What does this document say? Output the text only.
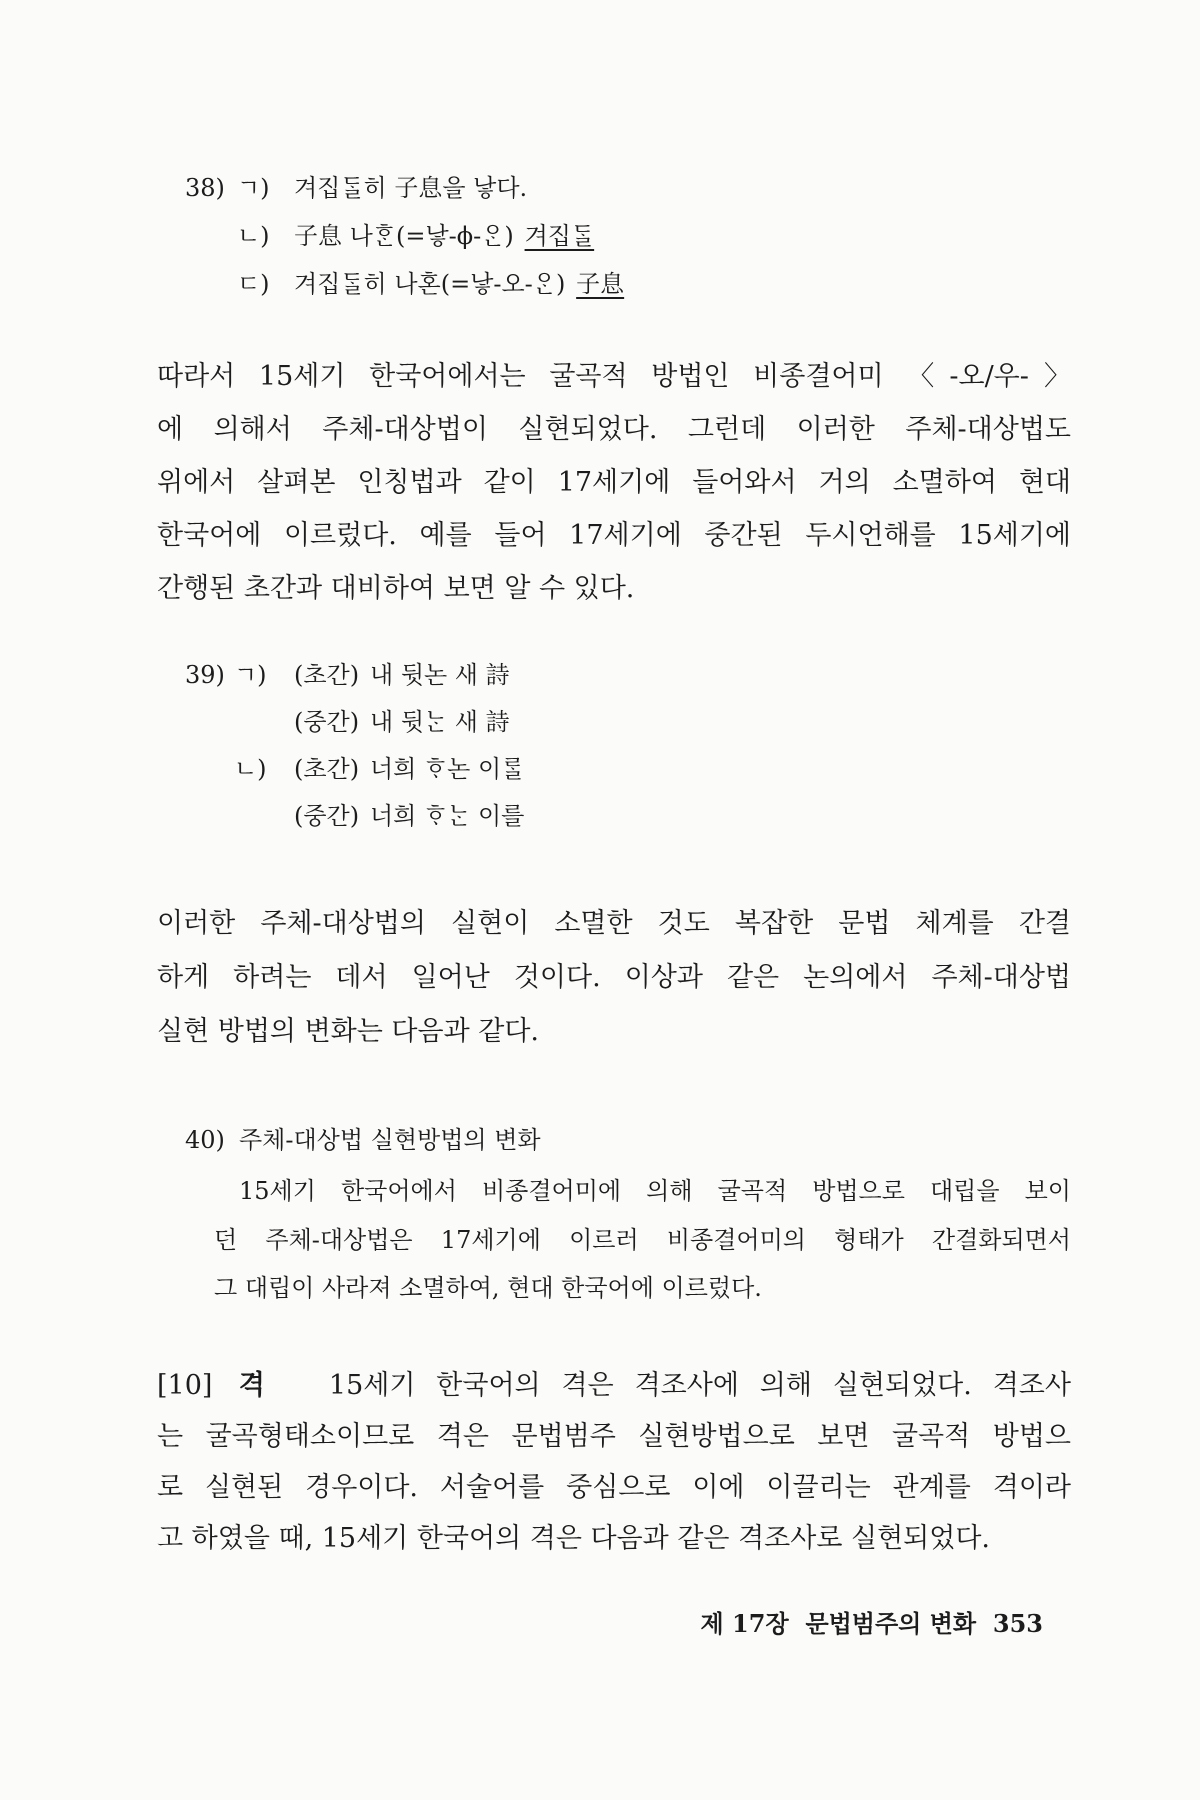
38) ㄱ)	겨집ᄃᆞᆯ히 子息을 낳다.
ㄴ)	子息 나ᄒᆞᆫ(=낳-ϕ-ᄋᆞᆫ) 겨집ᄃᆞᆯ
ㄷ)	겨집ᄃᆞᆯ히 나혼(=낳-오-ᄋᆞᆫ) 子息
따라서 15세기 한국어에서는 굴곡적 방법인 비종결어미 〈-오/우-〉
에 의해서 주체-대상법이 실현되었다. 그런데 이러한 주체-대상법도
위에서 살펴본 인칭법과 같이 17세기에 들어와서 거의 소멸하여 현대
한국어에 이르렀다. 예를 들어 17세기에 중간된 두시언해를 15세기에
간행된 초간과 대비하여 보면 알 수 있다.
39) ㄱ)	(초간) 내 뒷논 새 詩
(중간) 내 뒷ᄂᆞᆫ 새 詩
ㄴ)	(초간) 너희 ᄒᆞ논 이ᄅᆞᆯ
(중간) 너희 ᄒᆞᄂᆞᆫ 이를
이러한 주체-대상법의 실현이 소멸한 것도 복잡한 문법 체계를 간결
하게 하려는 데서 일어난 것이다. 이상과 같은 논의에서 주체-대상법
실현 방법의 변화는 다음과 같다.
40) 주체-대상법 실현방법의 변화
15세기 한국어에서 비종결어미에 의해 굴곡적 방법으로 대립을 보이
던 주체-대상법은 17세기에 이르러 비종결어미의 형태가 간결화되면서
그 대립이 사라져 소멸하여, 현대 한국어에 이르렀다.
[10] 격 15세기 한국어의 격은 격조사에 의해 실현되었다. 격조사
는 굴곡형태소이므로 격은 문법범주 실현방법으로 보면 굴곡적 방법으
로 실현된 경우이다. 서술어를 중심으로 이에 이끌리는 관계를 격이라
고 하였을 때, 15세기 한국어의 격은 다음과 같은 격조사로 실현되었다.
제 17장 문법범주의 변화 353
